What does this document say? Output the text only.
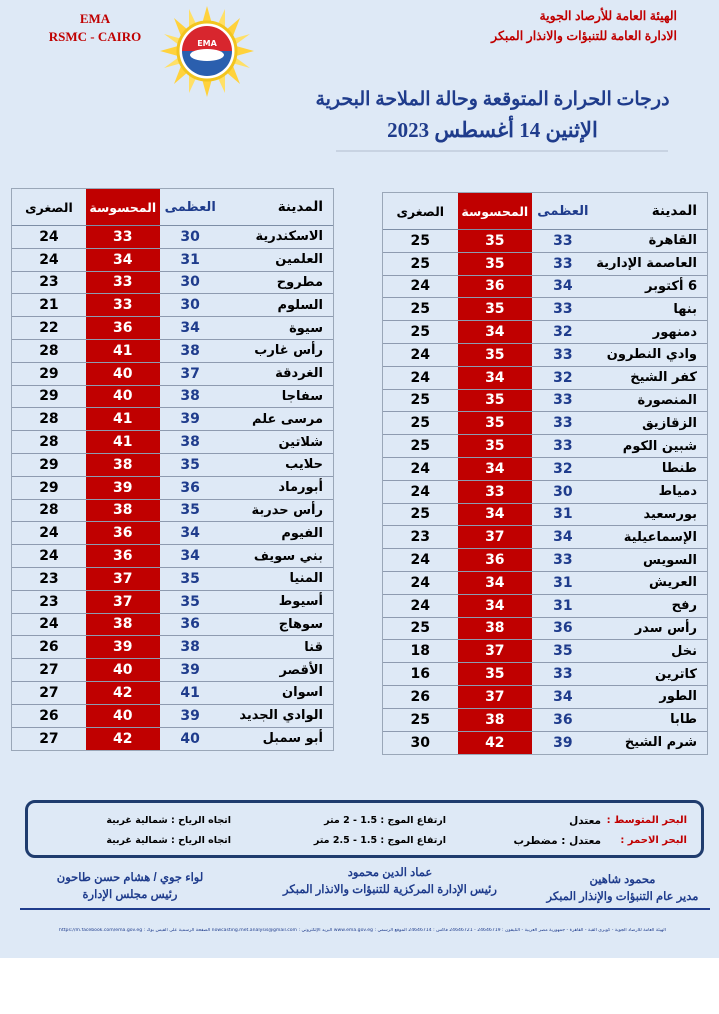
EMA
RSMC - CAIRO	EMA
الهيئة العامة للأرصاد الجوية
الادارة العامة للتنبؤات والانذار المبكر
درجات الحرارة المتوقعة وحالة الملاحة البحرية
الإثنين 14 أغسطس 2023
المدينة
العظمى
المحسوسة
الصغرى
القاهرة
33
35
25
العاصمة الإدارية
33
35
25
6 أكتوبر
34
36
24
بنها
33
35
25
دمنهور
32
34
25
وادي النطرون
33
35
24
كفر الشيخ
32
34
24
المنصورة
33
35
25
الزقازيق
33
35
25
شبين الكوم
33
35
25
طنطا
32
34
24
دمياط
30
33
24
بورسعيد
31
34
25
الإسماعيلية
34
37
23
السويس
33
36
24
العريش
31
34
24
رفح
31
34
24
رأس سدر
36
38
25
نخل
35
37
18
كاترين
33
35
16
الطور
34
37
26
طابا
36
38
25
شرم الشيخ
39
42
30
المدينة
العظمى
المحسوسة
الصغرى
الاسكندرية
30
33
24
العلمين
31
34
24
مطروح
30
33
23
السلوم
30
33
21
سيوة
34
36
22
رأس غارب
38
41
28
الغردقة
37
40
29
سفاجا
38
40
29
مرسى علم
39
41
28
شلاتين
38
41
28
حلايب
35
38
29
أبورماد
36
39
29
رأس حدربة
35
38
28
الفيوم
34
36
24
بني سويف
34
36
24
المنيا
35
37
23
أسيوط
35
37
23
سوهاج
36
38
24
قنا
38
39
26
الأقصر
39
40
27
اسوان
41
42
27
الوادي الجديد
39
40
26
أبو سمبل
40
42
27
البحر المتوسط :
معتدل
ارتفاع الموج : 1.5 - 2 متر
اتجاه الرياح : شمالية غربية
البحر الاحمر :
معتدل : مضطرب
ارتفاع الموج : 1.5 - 2.5 متر
اتجاه الرياح : شمالية غربية
محمود شاهين
مدير عام التنبؤات والإنذار المبكر
عماد الدين محمود
رئيس الإدارة المركزية للتنبؤات والانذار المبكر
لواء جوي / هشام حسن طاحون
رئيس مجلس الإدارة
الهيئة العامة للأرصاد الجوية - كوبري القبة - القاهرة - جمهورية مصر العربية - التليفون : 24646719 - 24646721 فاكس : 24646714 الموقع الرسمي : www.ema.gov.eg البريد الإلكتروني : nowcasting.met.analysis@gmail.com الصفحة الرسمية على الفيس بوك : https://m.facebook.com/ema.gov.eg
